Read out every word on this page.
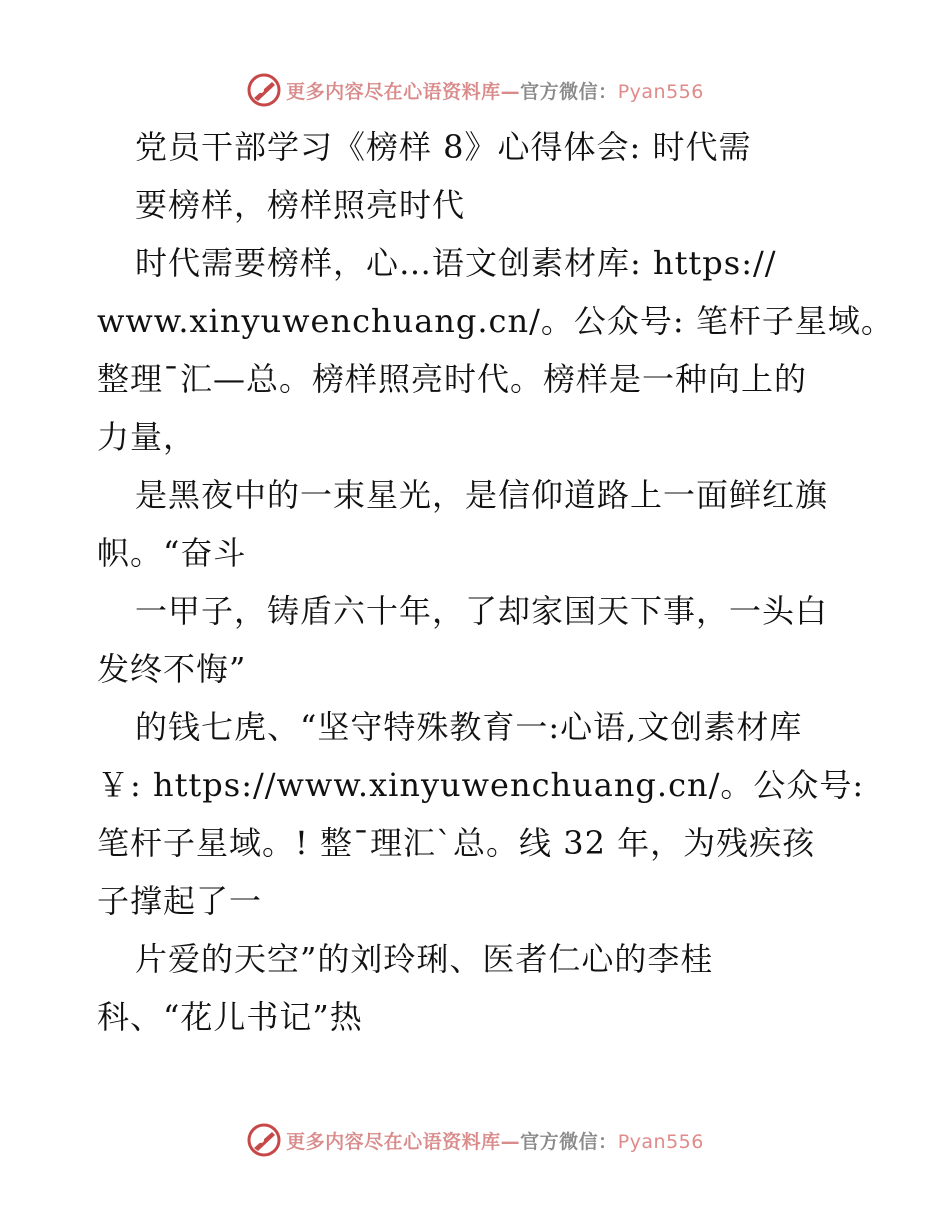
更多内容尽在心语资料库—官方微信：Pyan556
党员干部学习《榜样 8》心得体会: 时代需
要榜样，榜样照亮时代
时代需要榜样，心…语文创素材库: https://
www.xinyuwenchuang.cn/。公众号: 笔杆子星域。
整理¯汇—总。榜样照亮时代。榜样是一种向上的
力量，
是黑夜中的一束星光，是信仰道路上一面鲜红旗
帜。“奋斗
一甲子，铸盾六十年，了却家国天下事，一头白
发终不悔”
的钱七虎、“坚守特殊教育一:心语,文创素材库
￥: https://www.xinyuwenchuang.cn/。公众号:
笔杆子星域。! 整¯理汇`总。线 32 年，为残疾孩
子撑起了一
片爱的天空”的刘玲琍、医者仁心的李桂
科、“花儿书记”热
更多内容尽在心语资料库—官方微信：Pyan556
